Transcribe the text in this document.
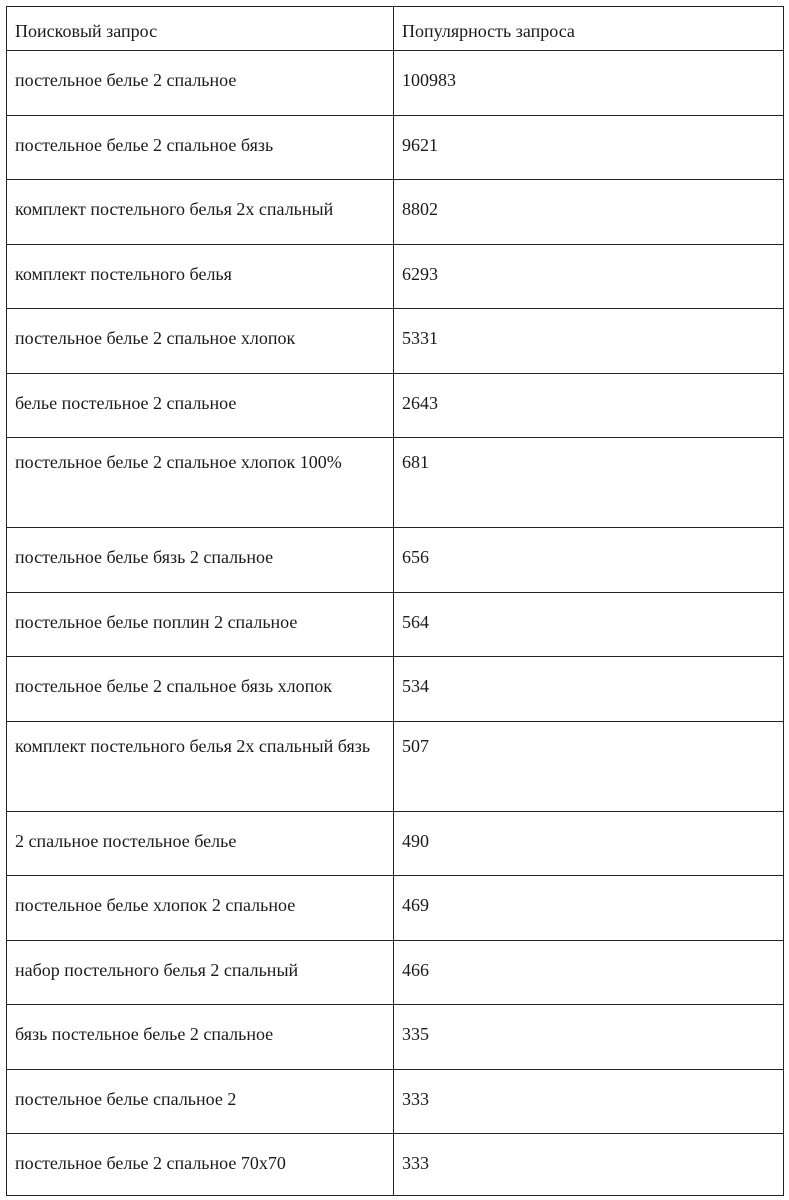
Поисковый запрос	Популярность запроса
постельное белье 2 спальное	100983
постельное белье 2 спальное бязь	9621
комплект постельного белья 2х спальный	8802
комплект постельного белья	6293
постельное белье 2 спальное хлопок	5331
белье постельное 2 спальное	2643
постельное белье 2 спальное хлопок 100%	681
постельное белье бязь 2 спальное	656
постельное белье поплин 2 спальное	564
постельное белье 2 спальное бязь хлопок	534
комплект постельного белья 2х спальный бязь	507
2 спальное постельное белье	490
постельное белье хлопок 2 спальное	469
набор постельного белья 2 спальный	466
бязь постельное белье 2 спальное	335
постельное белье спальное 2	333
постельное белье 2 спальное 70х70	333
